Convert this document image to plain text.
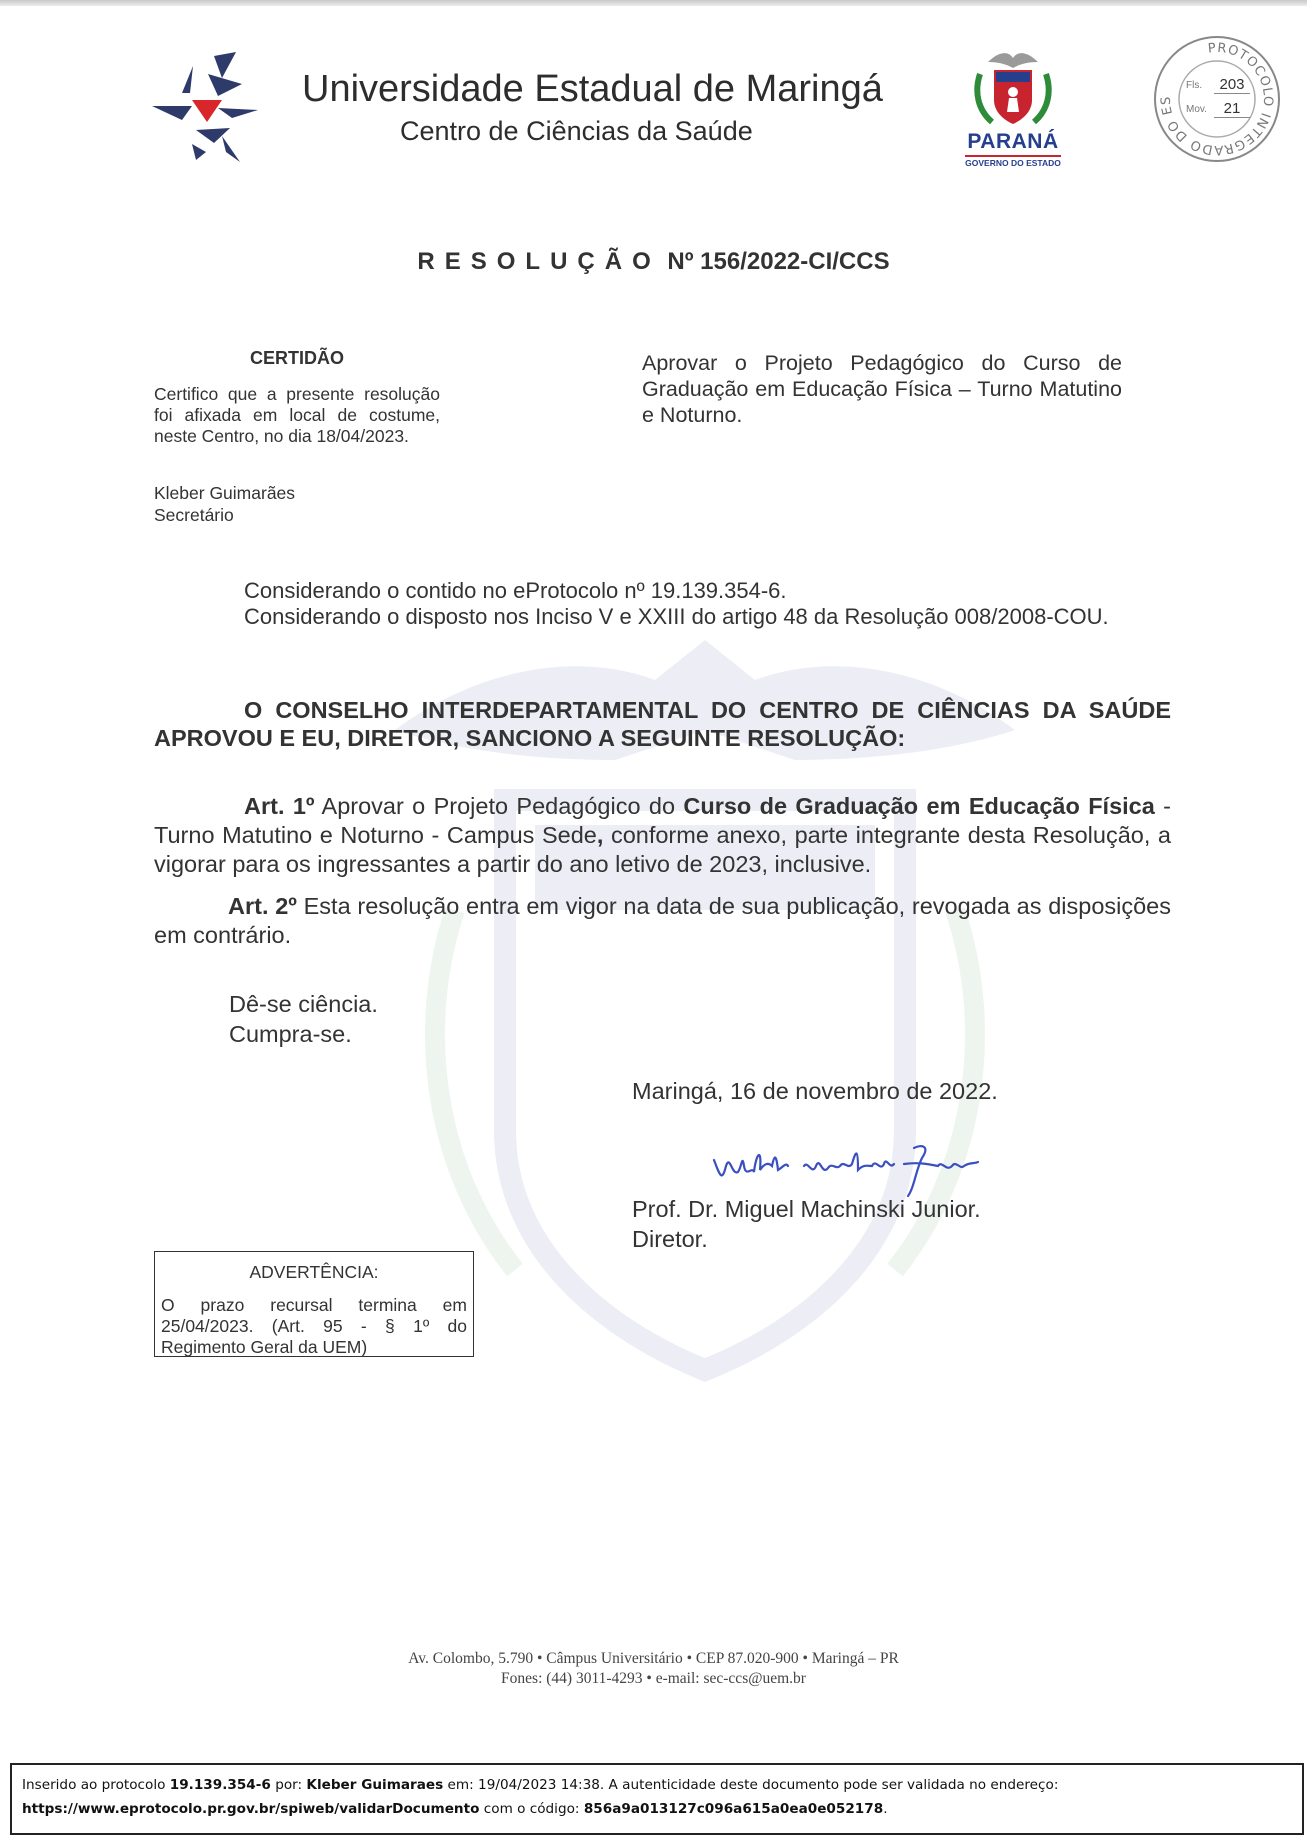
Universidade Estadual de Maringá
Centro de Ciências da Saúde	PARANÁ
GOVERNO DO ESTADO
PROTOCOLO INTEGRADO DO ES
Fls.	203
Mov.	21
RESOLUÇÃO Nº 156/2022-CI/CCS
CERTIDÃO
Certifico que a presente resolução foi afixada em local de costume, neste Centro, no dia 18/04/2023.
Kleber Guimarães
Secretário
Aprovar o Projeto Pedagógico do Curso de Graduação em Educação Física – Turno Matutino e Noturno.
Considerando o contido no eProtocolo nº 19.139.354-6.
Considerando o disposto nos Inciso V e XXIII do artigo 48 da Resolução 008/2008-COU.
O CONSELHO INTERDEPARTAMENTAL DO CENTRO DE CIÊNCIAS DA SAÚDE APROVOU E EU, DIRETOR, SANCIONO A SEGUINTE RESOLUÇÃO:
Art. 1º Aprovar o Projeto Pedagógico do Curso de Graduação em Educação Física - Turno Matutino e Noturno - Campus Sede, conforme anexo, parte integrante desta Resolução, a vigorar para os ingressantes a partir do ano letivo de 2023, inclusive.
Art. 2º Esta resolução entra em vigor na data de sua publicação, revogada as disposições em contrário.
Dê-se ciência.
Cumpra-se.
Maringá, 16 de novembro de 2022.
Prof. Dr. Miguel Machinski Junior.
Diretor.
ADVERTÊNCIA:
O prazo recursal termina em
25/04/2023. (Art. 95 - § 1º do
Regimento Geral da UEM)
Av. Colombo, 5.790 • Câmpus Universitário • CEP 87.020-900 • Maringá – PR
Fones: (44) 3011-4293 • e-mail: sec-ccs@uem.br
Inserido ao protocolo 19.139.354-6 por: Kleber Guimaraes em: 19/04/2023 14:38. A autenticidade deste documento pode ser validada no endereço:
https://www.eprotocolo.pr.gov.br/spiweb/validarDocumento com o código: 856a9a013127c096a615a0ea0e052178.
